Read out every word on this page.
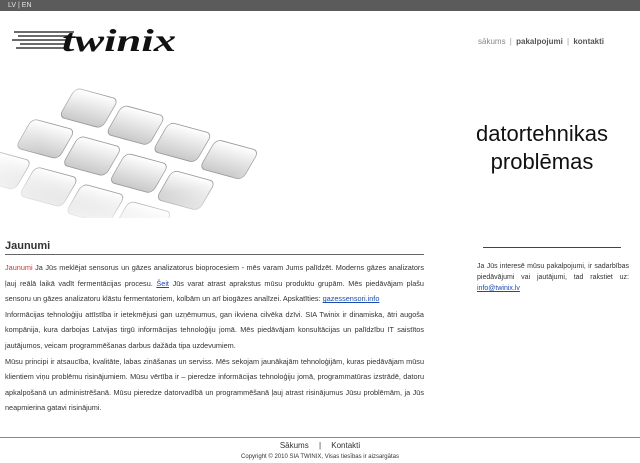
LV | EN
twinix	sākums | pakalpojumi | kontakti
datortehnikas
problēmas
Jaunumi

Jaunumi Ja Jūs meklējat sensorus un gāzes analizatorus bioprocesiem - mēs varam Jums palīdzēt. Moderns gāzes analizators ļauj reālā laikā vadīt fermentācijas procesu. Šeit Jūs varat atrast aprakstus mūsu produktu grupām. Mēs piedāvājam plašu sensoru un gāzes analizatoru klāstu fermentatoriem, kolbām un arī biogāzes analīzei. Apskatīties: gazessensori.info

Informācijas tehnoloģiju attīstība ir ietekmējusi gan uzņēmumus, gan ikviena cilvēka dzīvi. SIA Twinix ir dinamiska, ātri augoša kompānija, kura darbojas Latvijas tirgū informācijas tehnoloģiju jomā. Mēs piedāvājam konsultācijas un palīdzību IT saistītos jautājumos, veicam programmēšanas darbus dažāda tipa uzdevumiem.

Mūsu principi ir atsaucība, kvalitāte, labas zināšanas un serviss. Mēs sekojam jaunākajām tehnoloģijām, kuras piedāvājam mūsu klientiem viņu problēmu risinājumiem. Mūsu vērtība ir – pieredze informācijas tehnoloģiju jomā, programmatūras izstrādē, datoru apkalpošanā un administrēšanā. Mūsu pieredze datorvadībā un programmēšanā ļauj atrast risinājumus Jūsu problēmām, ja Jūs neapmierina gatavi risinājumi.

Ja Jūs interesē mūsu pakalpojumi, ir sadarbības piedāvājumi vai jautājumi, tad rakstiet uz: info@twinix.lv
Sākums | Kontakti
Copyright © 2010 SIA TWINIX, Visas tiesības ir aizsargātas
